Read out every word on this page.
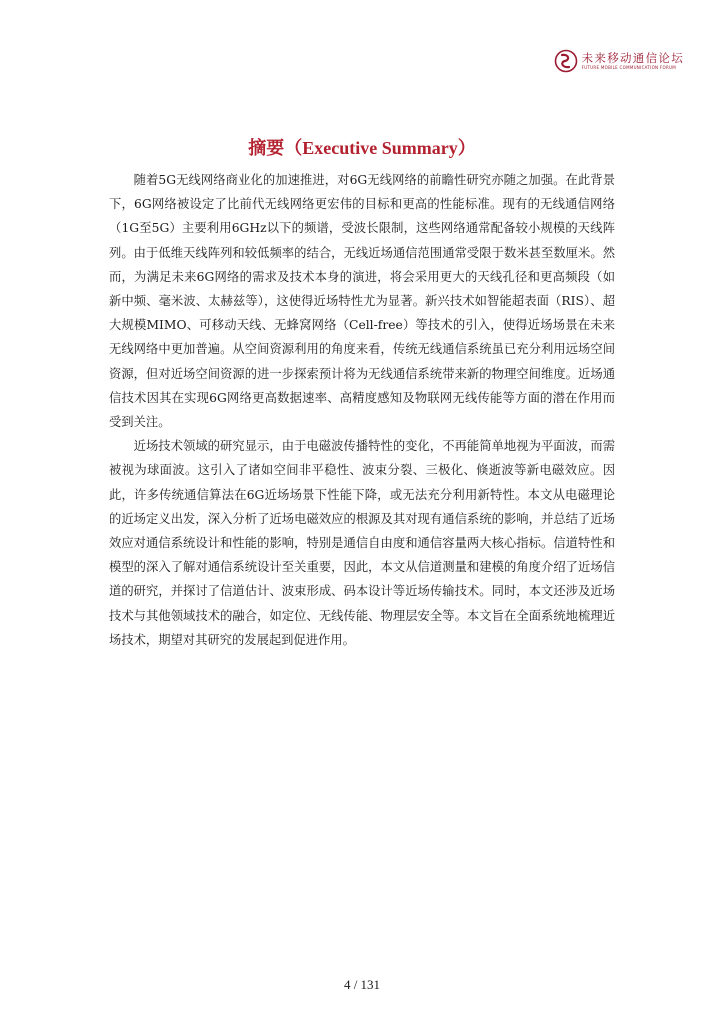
未来移动通信论坛
FUTURE MOBILE COMMUNICATION FORUM
摘要（Executive Summary）

随着5G无线网络商业化的加速推进，对6G无线网络的前瞻性研究亦随之加强。在此背景下，6G网络被设定了比前代无线网络更宏伟的目标和更高的性能标准。现有的无线通信网络（1G至5G）主要利用6GHz以下的频谱，受波长限制，这些网络通常配备较小规模的天线阵列。由于低维天线阵列和较低频率的结合，无线近场通信范围通常受限于数米甚至数厘米。然而，为满足未来6G网络的需求及技术本身的演进，将会采用更大的天线孔径和更高频段（如新中频、毫米波、太赫兹等），这使得近场特性尤为显著。新兴技术如智能超表面（RIS）、超大规模MIMO、可移动天线、无蜂窝网络（Cell-free）等技术的引入，使得近场场景在未来无线网络中更加普遍。从空间资源利用的角度来看，传统无线通信系统虽已充分利用远场空间资源，但对近场空间资源的进一步探索预计将为无线通信系统带来新的物理空间维度。近场通信技术因其在实现6G网络更高数据速率、高精度感知及物联网无线传能等方面的潜在作用而受到关注。

近场技术领域的研究显示，由于电磁波传播特性的变化，不再能简单地视为平面波，而需被视为球面波。这引入了诸如空间非平稳性、波束分裂、三极化、倏逝波等新电磁效应。因此，许多传统通信算法在6G近场场景下性能下降，或无法充分利用新特性。本文从电磁理论的近场定义出发，深入分析了近场电磁效应的根源及其对现有通信系统的影响，并总结了近场效应对通信系统设计和性能的影响，特别是通信自由度和通信容量两大核心指标。信道特性和模型的深入了解对通信系统设计至关重要，因此，本文从信道测量和建模的角度介绍了近场信道的研究，并探讨了信道估计、波束形成、码本设计等近场传输技术。同时，本文还涉及近场技术与其他领域技术的融合，如定位、无线传能、物理层安全等。本文旨在全面系统地梳理近场技术，期望对其研究的发展起到促进作用。

4 / 131
